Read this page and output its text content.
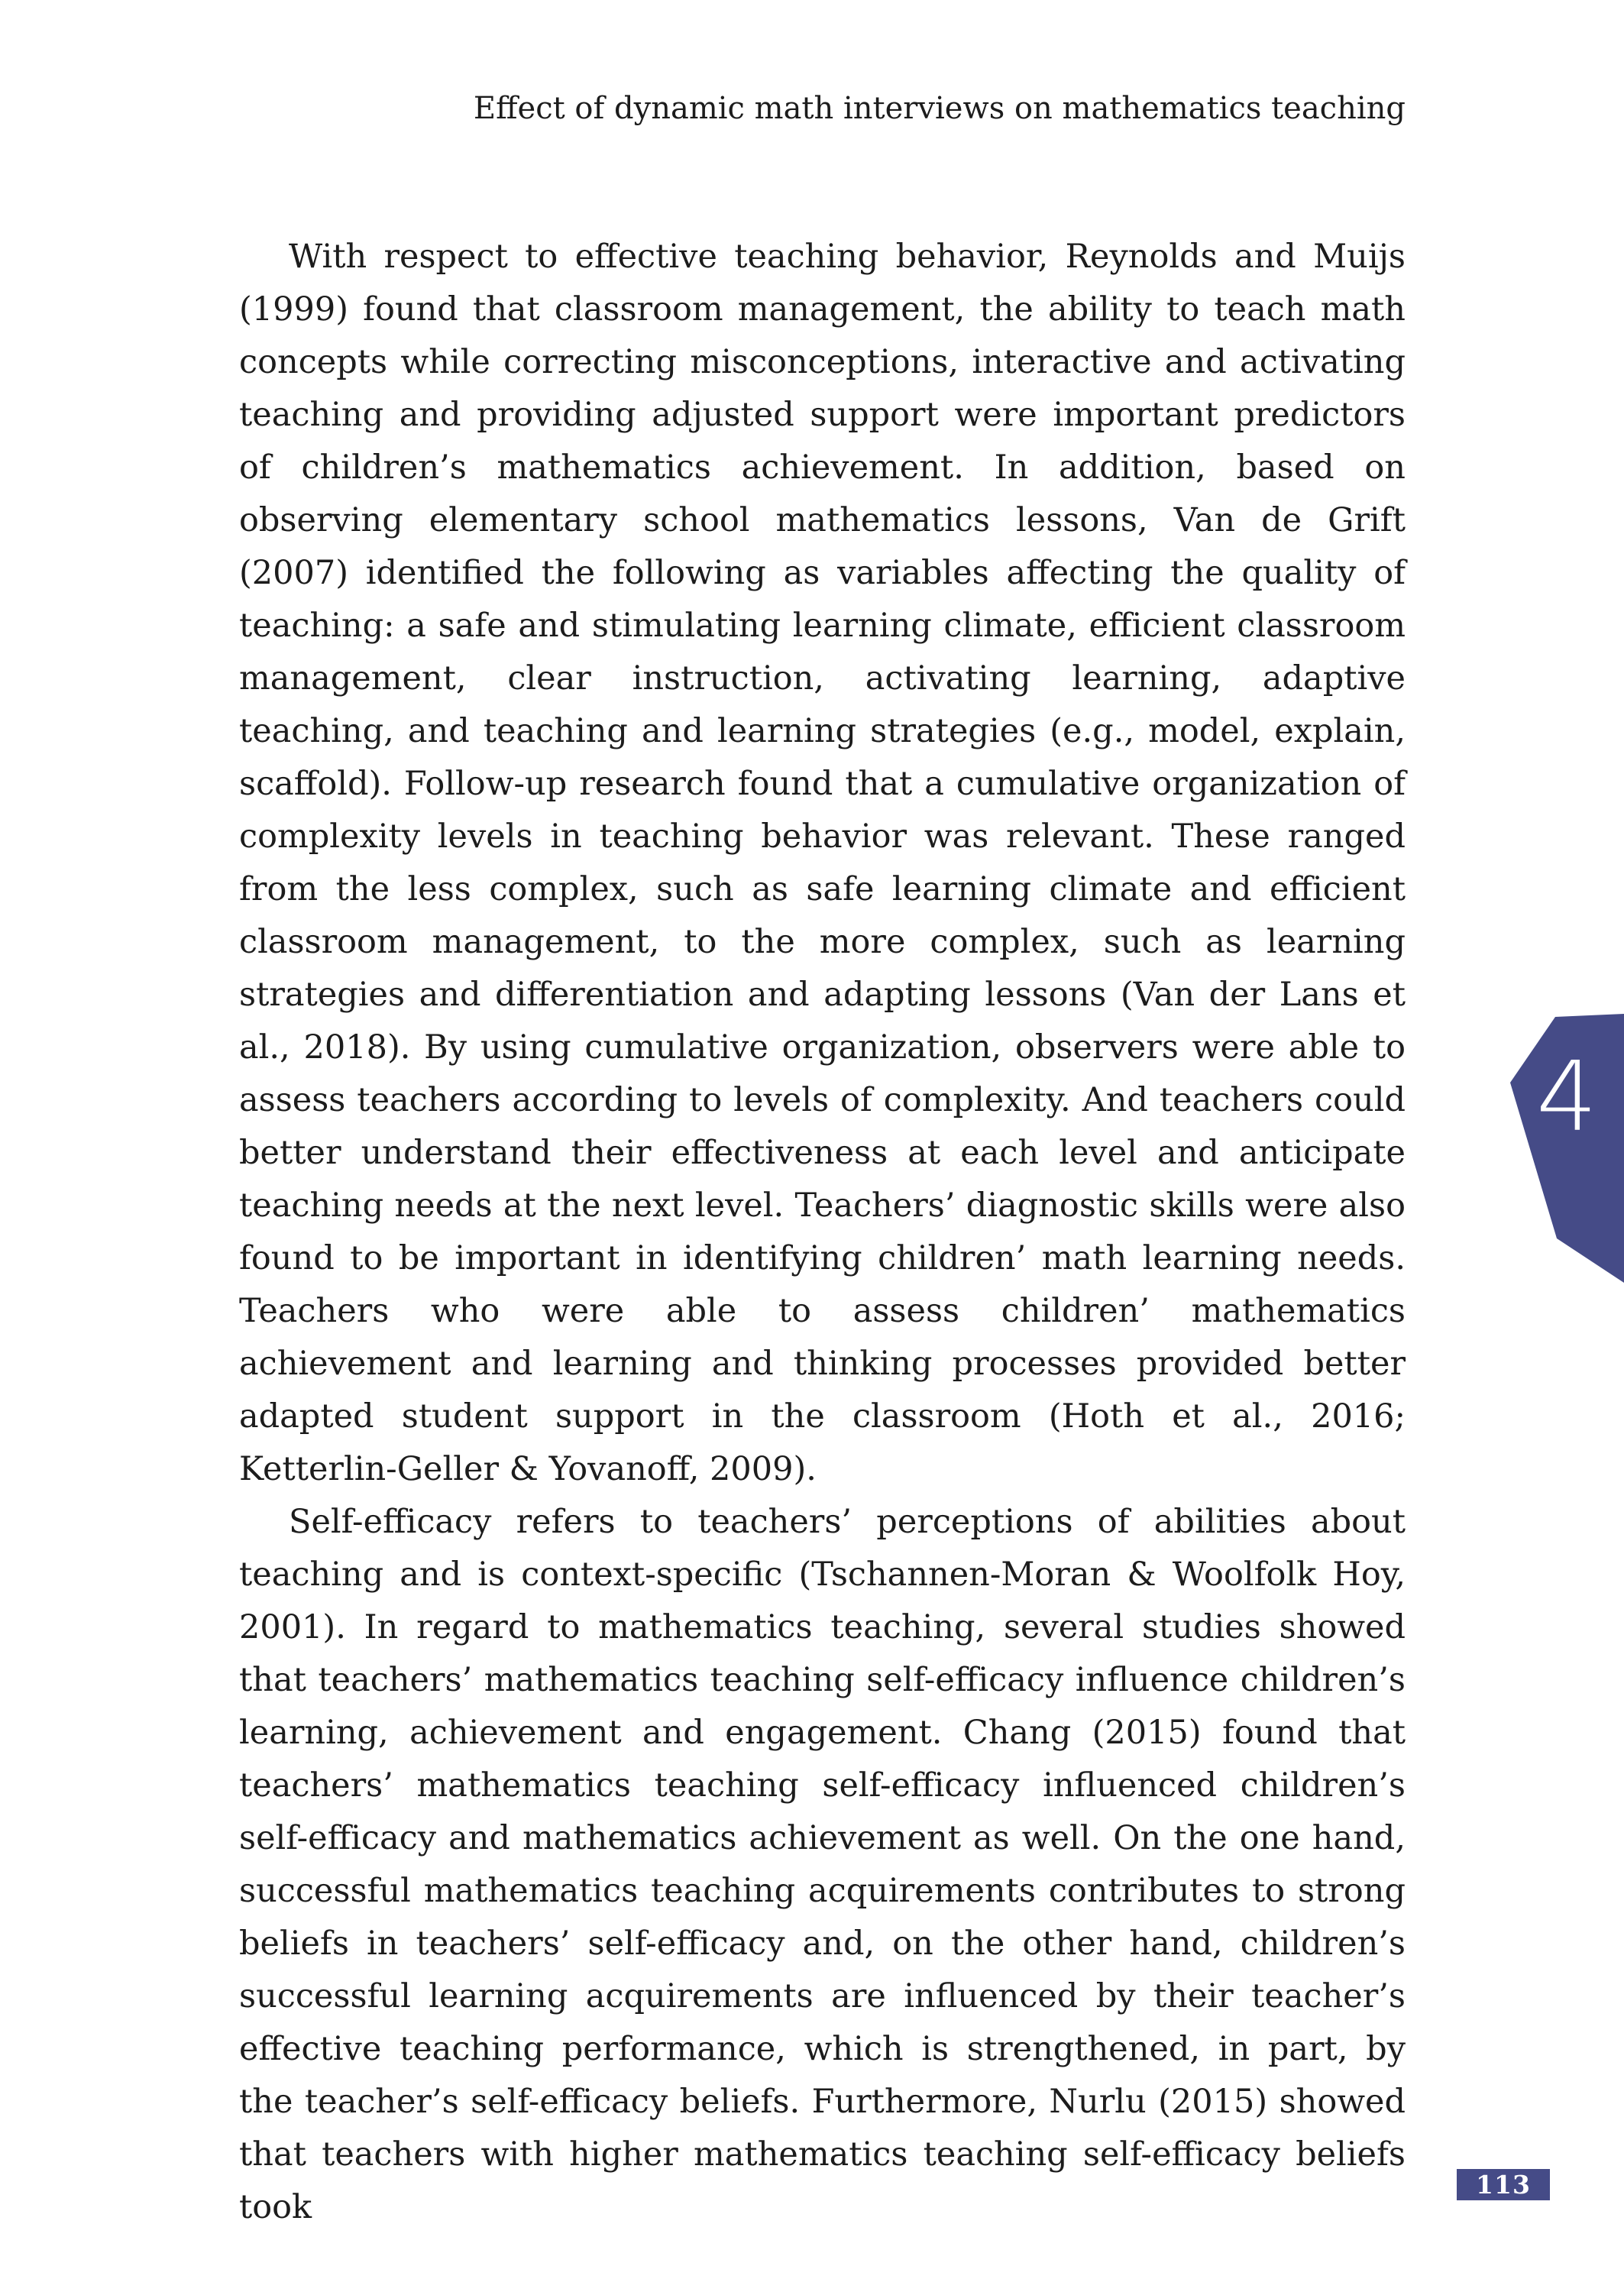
Effect of dynamic math interviews on mathematics teaching

With respect to effective teaching behavior, Reynolds and Muijs (1999) found that classroom management, the ability to teach math concepts while correcting misconceptions, interactive and activating teaching and providing adjusted support were important predictors of children’s mathematics achievement. In addition, based on observing elementary school mathematics lessons, Van de Grift (2007) identified the following as variables affecting the quality of teaching: a safe and stimulating learning climate, efficient classroom management, clear instruction, activating learning, adaptive teaching, and teaching and learning strategies (e.g., model, explain, scaffold). Follow-up research found that a cumulative organization of complexity levels in teaching behavior was relevant. These ranged from the less complex, such as safe learning climate and efficient classroom management, to the more complex, such as learning strategies and differentiation and adapting lessons (Van der Lans et al., 2018). By using cumulative organization, observers were able to assess teachers according to levels of complexity. And teachers could better understand their effectiveness at each level and anticipate teaching needs at the next level. Teachers’ diagnostic skills were also found to be important in identifying children’ math learning needs. Teachers who were able to assess children’ mathematics achievement and learning and thinking processes provided better adapted student support in the classroom (Hoth et al., 2016; Ketterlin-Geller & Yovanoff, 2009).

Self-efficacy refers to teachers’ perceptions of abilities about teaching and is context-specific (Tschannen-Moran & Woolfolk Hoy, 2001). In regard to mathematics teaching, several studies showed that teachers’ mathematics teaching self-efficacy influence children’s learning, achievement and engagement. Chang (2015) found that teachers’ mathematics teaching self-efficacy influenced children’s self-efficacy and mathematics achievement as well. On the one hand, successful mathematics teaching acquirements contributes to strong beliefs in teachers’ self-efficacy and, on the other hand, children’s successful learning acquirements are influenced by their teacher’s effective teaching performance, which is strengthened, in part, by the teacher’s self-efficacy beliefs. Furthermore, Nurlu (2015) showed that teachers with higher mathematics teaching self-efficacy beliefs took

4
113
